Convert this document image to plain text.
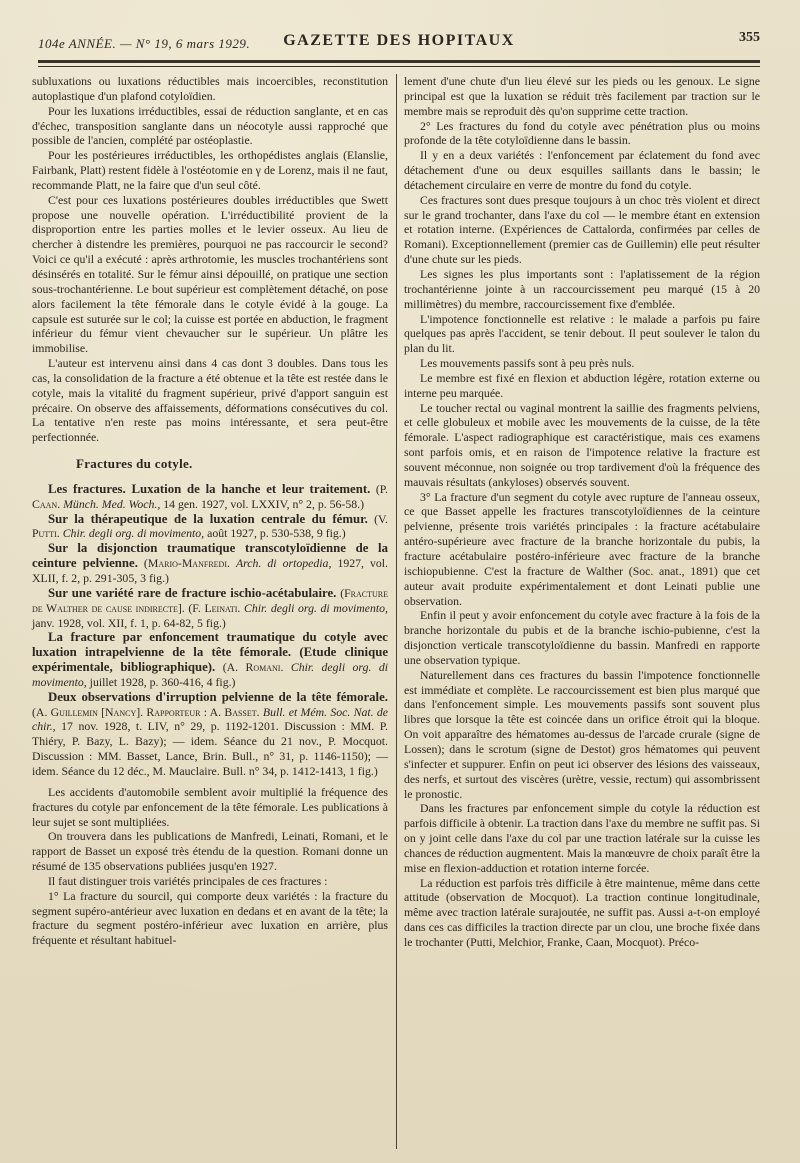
104e ANNÉE. — N° 19, 6 mars 1929.	GAZETTE DES HOPITAUX	355

subluxations ou luxations réductibles mais incoercibles, reconstitution autoplastique d'un plafond cotyloïdien.

Pour les luxations irréductibles, essai de réduction sanglante, et en cas d'échec, transposition sanglante dans un néocotyle aussi rapproché que possible de l'ancien, complété par ostéoplastie.

Pour les postérieures irréductibles, les orthopédistes anglais (Elanslie, Fairbank, Platt) restent fidèle à l'ostéotomie en γ de Lorenz, mais il ne faut, recommande Platt, ne la faire que d'un seul côté.

C'est pour ces luxations postérieures doubles irréductibles que Swett propose une nouvelle opération. L'irréductibilité provient de la disproportion entre les parties molles et le levier osseux. Au lieu de chercher à distendre les premières, pourquoi ne pas raccourcir le second? Voici ce qu'il a exécuté : après arthrotomie, les muscles trochantériens sont désinsérés en totalité. Sur le fémur ainsi dépouillé, on pratique une section sous-trochantérienne. Le bout supérieur est complètement détaché, on pose alors facilement la tête fémorale dans le cotyle évidé à la gouge. La capsule est suturée sur le col; la cuisse est portée en abduction, le fragment inférieur du fémur vient chevaucher sur le supérieur. Un plâtre les immobilise.

L'auteur est intervenu ainsi dans 4 cas dont 3 doubles. Dans tous les cas, la consolidation de la fracture a été obtenue et la tête est restée dans le cotyle, mais la vitalité du fragment supérieur, privé d'apport sanguin est précaire. On observe des affaissements, déformations consécutives du col. La tentative n'en reste pas moins intéressante, et sera peut-être perfectionnée.

Fractures du cotyle.

Les fractures. Luxation de la hanche et leur traitement. (P. Caan. Münch. Med. Woch., 14 gen. 1927, vol. LXXIV, n° 2, p. 56-58.)

Sur la thérapeutique de la luxation centrale du fémur. (V. Putti. Chir. degli org. di movimento, août 1927, p. 530-538, 9 fig.)

Sur la disjonction traumatique transcotyloïdienne de la ceinture pelvienne. (Mario-Manfredi. Arch. di ortopedia, 1927, vol. XLII, f. 2, p. 291-305, 3 fig.)

Sur une variété rare de fracture ischio-acétabulaire. (Fracture de Walther de cause indirecte]. (F. Leinati. Chir. degli org. di movimento, janv. 1928, vol. XII, f. 1, p. 64-82, 5 fig.)

La fracture par enfoncement traumatique du cotyle avec luxation intrapelvienne de la tête fémorale. (Etude clinique expérimentale, bibliographique). (A. Romani. Chir. degli org. di movimento, juillet 1928, p. 360-416, 4 fig.)

Deux observations d'irruption pelvienne de la tête fémorale. (A. Guillemin [Nancy]. Rapporteur : A. Basset. Bull. et Mém. Soc. Nat. de chir., 17 nov. 1928, t. LIV, n° 29, p. 1192-1201. Discussion : MM. P. Thiéry, P. Bazy, L. Bazy); — idem. Séance du 21 nov., P. Mocquot. Discussion : MM. Basset, Lance, Brin. Bull., n° 31, p. 1146-1150); — idem. Séance du 12 déc., M. Mauclaire. Bull. n° 34, p. 1412-1413, 1 fig.)

Les accidents d'automobile semblent avoir multiplié la fréquence des fractures du cotyle par enfoncement de la tête fémorale. Les publications à leur sujet se sont multipliées.

On trouvera dans les publications de Manfredi, Leinati, Romani, et le rapport de Basset un exposé très étendu de la question. Romani donne un résumé de 135 observations publiées jusqu'en 1927.

Il faut distinguer trois variétés principales de ces fractures :

1° La fracture du sourcil, qui comporte deux variétés : la fracture du segment supéro-antérieur avec luxation en dedans et en avant de la tête; la fracture du segment postéro-inférieur avec luxation en arrière, plus fréquente et résultant habituel-

lement d'une chute d'un lieu élevé sur les pieds ou les genoux. Le signe principal est que la luxation se réduit très facilement par traction sur le membre mais se reproduit dès qu'on supprime cette traction.

2° Les fractures du fond du cotyle avec pénétration plus ou moins profonde de la tête cotyloïdienne dans le bassin.

Il y en a deux variétés : l'enfoncement par éclatement du fond avec détachement d'une ou deux esquilles saillants dans le bassin; le détachement circulaire en verre de montre du fond du cotyle.

Ces fractures sont dues presque toujours à un choc très violent et direct sur le grand trochanter, dans l'axe du col — le membre étant en extension et rotation interne. (Expériences de Cattalorda, confirmées par celles de Romani). Exceptionnellement (premier cas de Guillemin) elle peut résulter d'une chute sur les pieds.

Les signes les plus importants sont : l'aplatissement de la région trochantérienne jointe à un raccourcissement peu marqué (15 à 20 millimètres) du membre, raccourcissement fixe d'emblée.

L'impotence fonctionnelle est relative : le malade a parfois pu faire quelques pas après l'accident, se tenir debout. Il peut soulever le talon du plan du lit.

Les mouvements passifs sont à peu près nuls.

Le membre est fixé en flexion et abduction légère, rotation externe ou interne peu marquée.

Le toucher rectal ou vaginal montrent la saillie des fragments pelviens, et celle globuleux et mobile avec les mouvements de la cuisse, de la tête fémorale. L'aspect radiographique est caractéristique, mais ces examens sont parfois omis, et en raison de l'impotence relative la fracture est souvent méconnue, non soignée ou trop tardivement d'où la fréquence des mauvais résultats (ankyloses) observés souvent.

3° La fracture d'un segment du cotyle avec rupture de l'anneau osseux, ce que Basset appelle les fractures transcotyloïdiennes de la ceinture pelvienne, présente trois variétés principales : la fracture acétabulaire antéro-supérieure avec fracture de la branche horizontale du pubis, la fracture acétabulaire postéro-inférieure avec fracture de la branche ischiopubienne. C'est la fracture de Walther (Soc. anat., 1891) que cet auteur avait produite expérimentalement et dont Leinati publie une observation.

Enfin il peut y avoir enfoncement du cotyle avec fracture à la fois de la branche horizontale du pubis et de la branche ischio-pubienne, c'est la disjonction verticale transcotyloïdienne du bassin. Manfredi en rapporte une observation typique.

Naturellement dans ces fractures du bassin l'impotence fonctionnelle est immédiate et complète. Le raccourcissement est bien plus marqué que dans l'enfoncement simple. Les mouvements passifs sont souvent plus libres que lorsque la tête est coincée dans un orifice étroit qui la bloque. On voit apparaître des hématomes au-dessus de l'arcade crurale (signe de Lossen); dans le scrotum (signe de Destot) gros hématomes qui peuvent s'infecter et suppurer. Enfin on peut ici observer des lésions des vaisseaux, des nerfs, et surtout des viscères (urètre, vessie, rectum) qui assombrissent le pronostic.

Dans les fractures par enfoncement simple du cotyle la réduction est parfois difficile à obtenir. La traction dans l'axe du membre ne suffit pas. Si on y joint celle dans l'axe du col par une traction latérale sur la cuisse les chances de réduction augmentent. Mais la manœuvre de choix paraît être la mise en flexion-adduction et rotation interne forcée.

La réduction est parfois très difficile à être maintenue, même dans cette attitude (observation de Mocquot). La traction continue longitudinale, même avec traction latérale surajoutée, ne suffit pas. Aussi a-t-on employé dans ces cas difficiles la traction directe par un clou, une broche fixée dans le trochanter (Putti, Melchior, Franke, Caan, Mocquot). Préco-
